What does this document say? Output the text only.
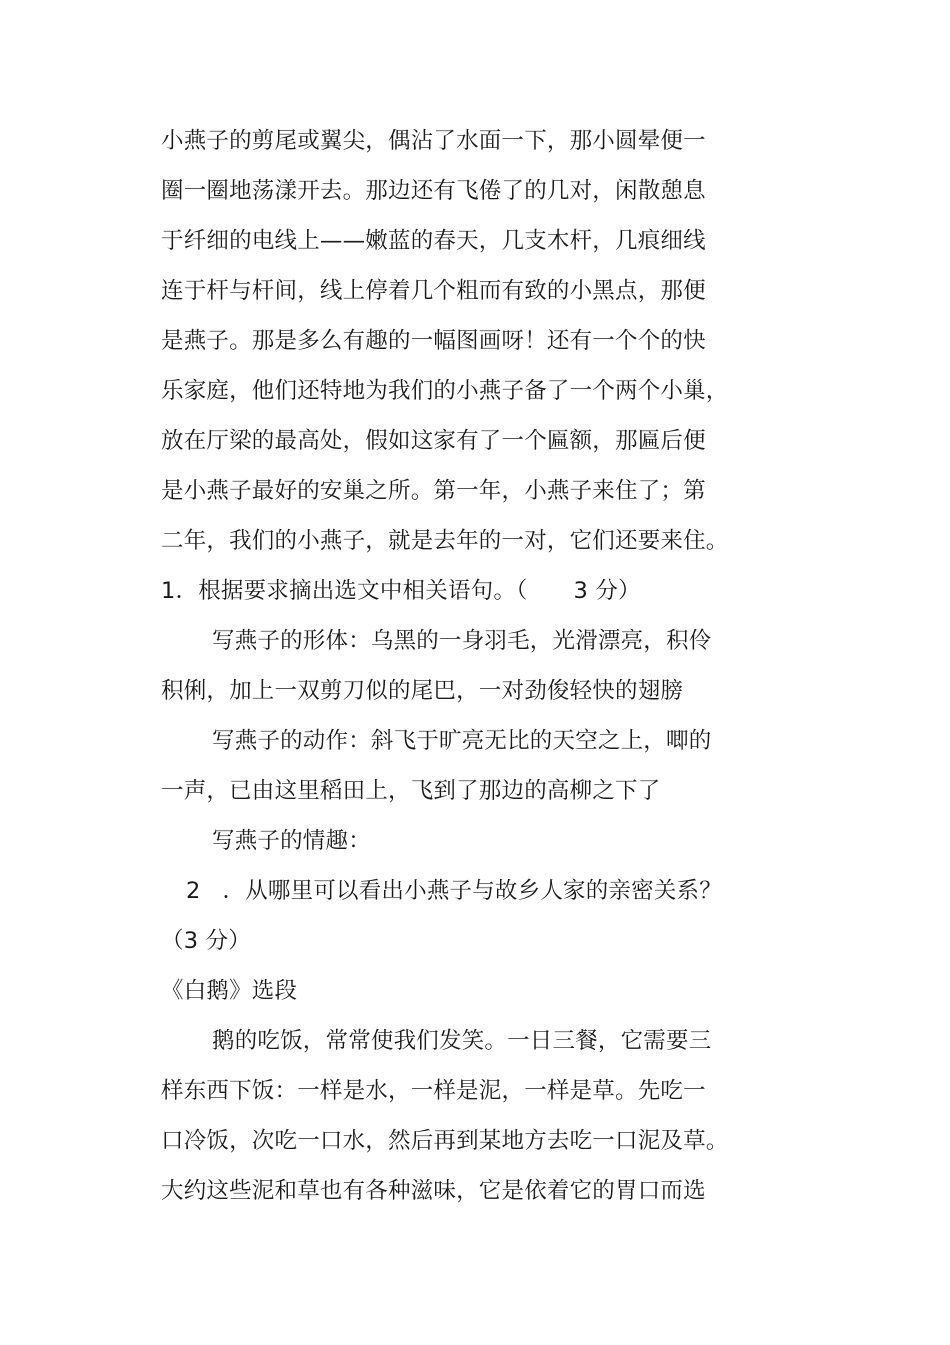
小燕子的剪尾或翼尖，偶沾了水面一下，那小圆晕便一
圈一圈地荡漾开去。那边还有飞倦了的几对，闲散憩息
于纤细的电线上——嫩蓝的春天，几支木杆，几痕细线
连于杆与杆间，线上停着几个粗而有致的小黑点，那便
是燕子。那是多么有趣的一幅图画呀！还有一个个的快
乐家庭，他们还特地为我们的小燕子备了一个两个小巢，
放在厅梁的最高处，假如这家有了一个匾额，那匾后便
是小燕子最好的安巢之所。第一年，小燕子来住了；第
二年，我们的小燕子，就是去年的一对，它们还要来住。
1．根据要求摘出选文中相关语句。（ 3 分）
写燕子的形体：乌黑的一身羽毛，光滑漂亮，积伶
积俐，加上一双剪刀似的尾巴，一对劲俊轻快的翅膀
写燕子的动作：斜飞于旷亮无比的天空之上，唧的
一声，已由这里稻田上，飞到了那边的高柳之下了
写燕子的情趣：
2 ．从哪里可以看出小燕子与故乡人家的亲密关系？
（3 分）
《白鹅》选段
鹅的吃饭，常常使我们发笑。一日三餐，它需要三
样东西下饭：一样是水，一样是泥，一样是草。先吃一
口冷饭，次吃一口水，然后再到某地方去吃一口泥及草。
大约这些泥和草也有各种滋味，它是依着它的胃口而选
